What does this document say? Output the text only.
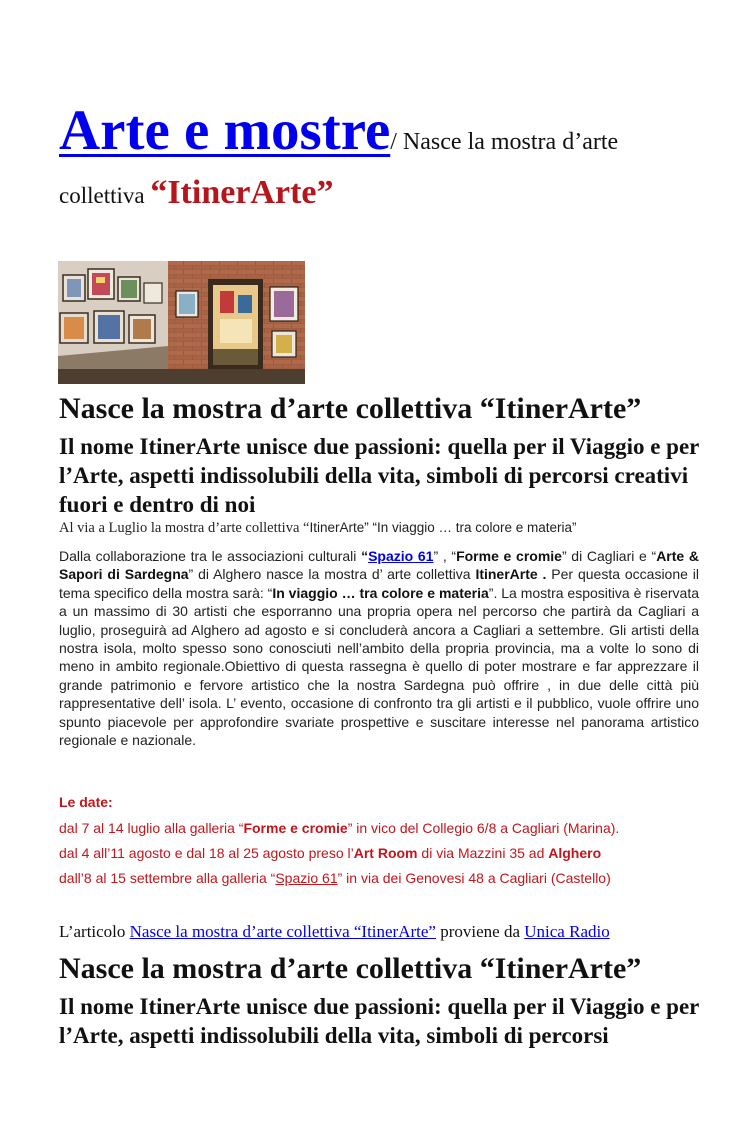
Arte e mostre/ Nasce la mostra d’arte
collettiva “ItinerArte”
Nasce la mostra d’arte collettiva “ItinerArte”
Il nome ItinerArte unisce due passioni: quella per il Viaggio e per l’Arte, aspetti indissolubili della vita, simboli di percorsi creativi fuori e dentro di noi
Al via a Luglio la mostra d’arte collettiva “ItinerArte” “In viaggio … tra colore e materia”
Dalla collaborazione tra le associazioni culturali “Spazio 61” , “Forme e cromie” di Cagliari e “Arte & Sapori di Sardegna” di Alghero nasce la mostra d’ arte collettiva ItinerArte . Per questa occasione il tema specifico della mostra sarà: “In viaggio … tra colore e materia”. La mostra espositiva è riservata a un massimo di 30 artisti che esporranno una propria opera nel percorso che partirà da Cagliari a luglio, proseguirà ad Alghero ad agosto e si concluderà ancora a Cagliari a settembre. Gli artisti della nostra isola, molto spesso sono conosciuti nell’ambito della propria provincia, ma a volte lo sono di meno in ambito regionale.Obiettivo di questa rassegna è quello di poter mostrare e far apprezzare il grande patrimonio e fervore artistico che la nostra Sardegna può offrire , in due delle città più rappresentative dell’ isola. L’ evento, occasione di confronto tra gli artisti e il pubblico, vuole offrire uno spunto piacevole per approfondire svariate prospettive e suscitare interesse nel panorama artistico regionale e nazionale.
Le date:
dal 7 al 14 luglio alla galleria “Forme e cromie” in vico del Collegio 6/8 a Cagliari (Marina).
dal 4 all’11 agosto e dal 18 al 25 agosto preso l’Art Room di via Mazzini 35 ad Alghero
dall’8 al 15 settembre alla galleria “Spazio 61” in via dei Genovesi 48 a Cagliari (Castello)
L’articolo Nasce la mostra d’arte collettiva “ItinerArte” proviene da Unica Radio
Nasce la mostra d’arte collettiva “ItinerArte”
Il nome ItinerArte unisce due passioni: quella per il Viaggio e per l’Arte, aspetti indissolubili della vita, simboli di percorsi
